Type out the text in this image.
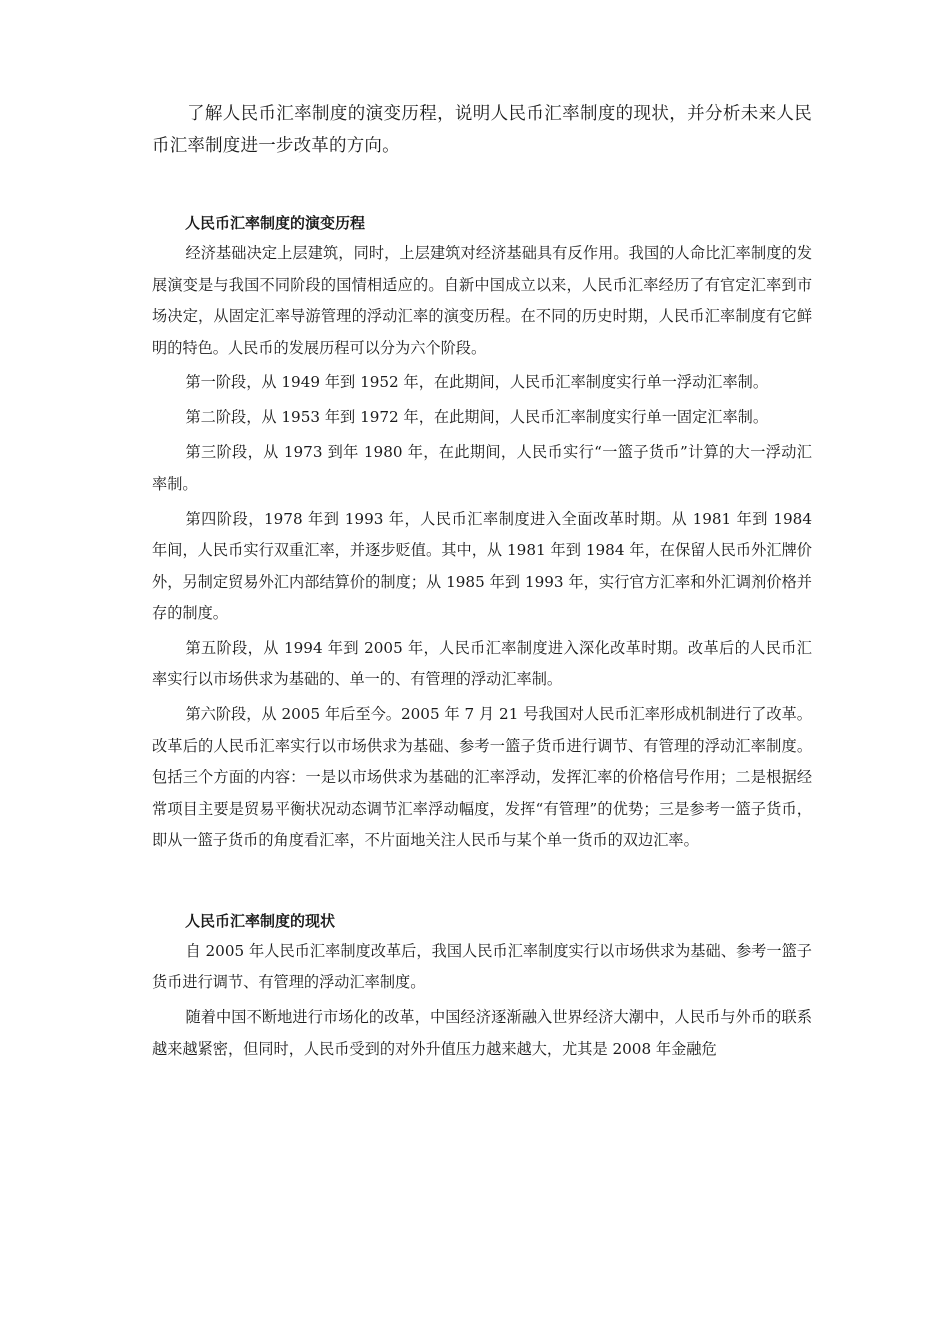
了解人民币汇率制度的演变历程，说明人民币汇率制度的现状，并分析未来人民币汇率制度进一步改革的方向。

人民币汇率制度的演变历程

经济基础决定上层建筑，同时，上层建筑对经济基础具有反作用。我国的人命比汇率制度的发展演变是与我国不同阶段的国情相适应的。自新中国成立以来，人民币汇率经历了有官定汇率到市场决定，从固定汇率导游管理的浮动汇率的演变历程。在不同的历史时期，人民币汇率制度有它鲜明的特色。人民币的发展历程可以分为六个阶段。

第一阶段，从 1949 年到 1952 年，在此期间，人民币汇率制度实行单一浮动汇率制。

第二阶段，从 1953 年到 1972 年，在此期间，人民币汇率制度实行单一固定汇率制。

第三阶段，从 1973 到年 1980 年，在此期间，人民币实行“一篮子货币”计算的大一浮动汇率制。

第四阶段，1978 年到 1993 年，人民币汇率制度进入全面改革时期。从 1981 年到 1984 年间，人民币实行双重汇率，并逐步贬值。其中，从 1981 年到 1984 年，在保留人民币外汇牌价外，另制定贸易外汇内部结算价的制度；从 1985 年到 1993 年，实行官方汇率和外汇调剂价格并存的制度。

第五阶段，从 1994 年到 2005 年，人民币汇率制度进入深化改革时期。改革后的人民币汇率实行以市场供求为基础的、单一的、有管理的浮动汇率制。

第六阶段，从 2005 年后至今。2005 年 7 月 21 号我国对人民币汇率形成机制进行了改革。改革后的人民币汇率实行以市场供求为基础、参考一篮子货币进行调节、有管理的浮动汇率制度。包括三个方面的内容：一是以市场供求为基础的汇率浮动，发挥汇率的价格信号作用；二是根据经常项目主要是贸易平衡状况动态调节汇率浮动幅度，发挥“有管理”的优势；三是参考一篮子货币，即从一篮子货币的角度看汇率，不片面地关注人民币与某个单一货币的双边汇率。

人民币汇率制度的现状

自 2005 年人民币汇率制度改革后，我国人民币汇率制度实行以市场供求为基础、参考一篮子货币进行调节、有管理的浮动汇率制度。

随着中国不断地进行市场化的改革，中国经济逐渐融入世界经济大潮中，人民币与外币的联系越来越紧密，但同时，人民币受到的对外升值压力越来越大，尤其是 2008 年金融危
